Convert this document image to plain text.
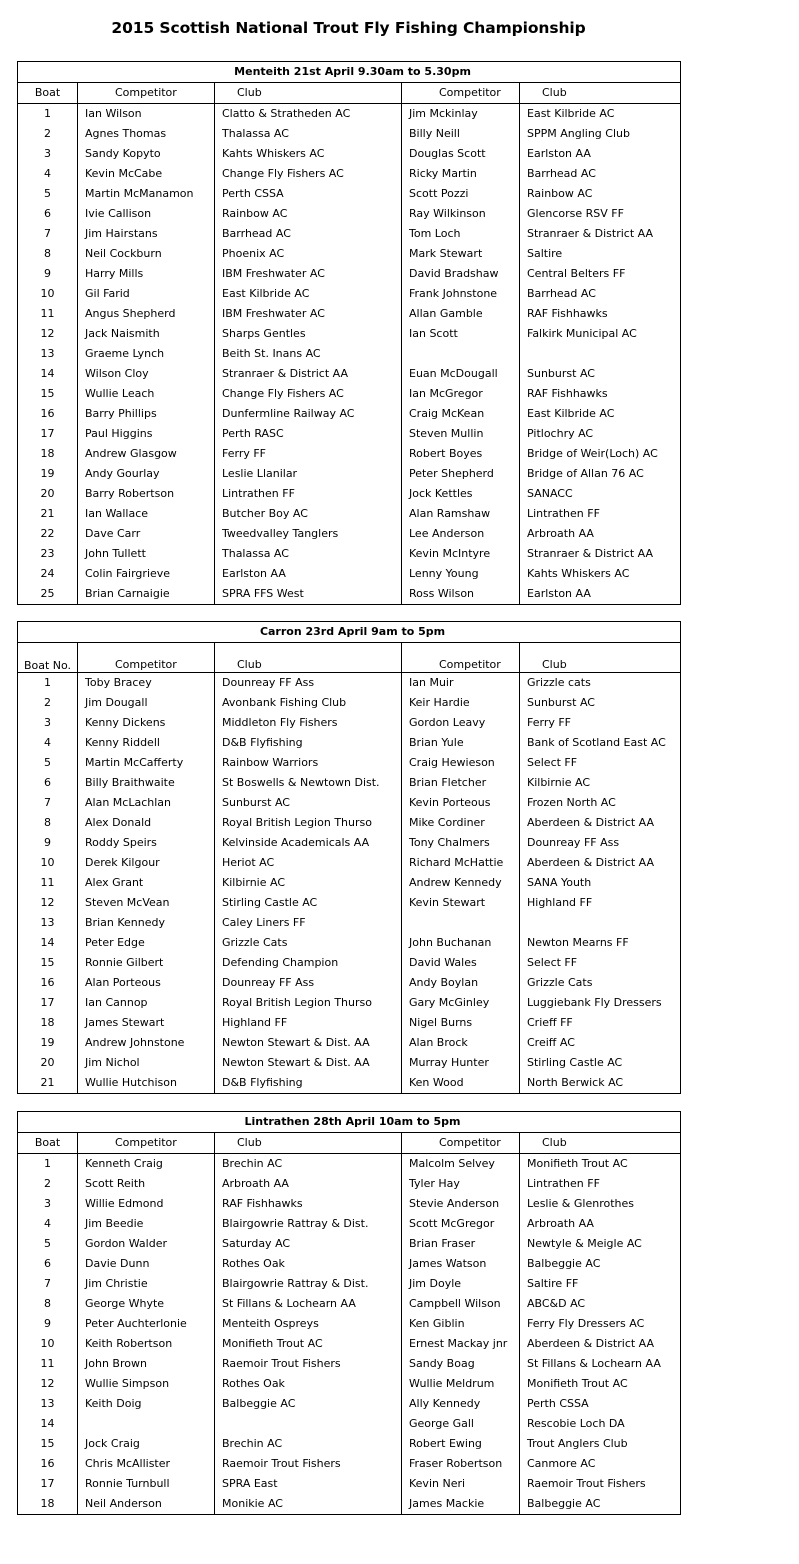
2015 Scottish National Trout Fly Fishing Championship
Menteith 21st April 9.30am to 5.30pm				
Boat	Competitor	Club	Competitor	Club
1	Ian Wilson	Clatto & Stratheden AC	Jim Mckinlay	East Kilbride AC
2	Agnes Thomas	Thalassa AC	Billy Neill	SPPM Angling Club
3	Sandy Kopyto	Kahts Whiskers AC	Douglas Scott	Earlston AA
4	Kevin McCabe	Change Fly Fishers AC	Ricky Martin	Barrhead AC
5	Martin McManamon	Perth CSSA	Scott Pozzi	Rainbow AC
6	Ivie Callison	Rainbow AC	Ray Wilkinson	Glencorse RSV FF
7	Jim Hairstans	Barrhead AC	Tom Loch	Stranraer & District AA
8	Neil Cockburn	Phoenix AC	Mark Stewart	Saltire
9	Harry Mills	IBM Freshwater AC	David Bradshaw	Central Belters FF
10	Gil Farid	East Kilbride AC	Frank Johnstone	Barrhead AC
11	Angus Shepherd	IBM Freshwater AC	Allan Gamble	RAF Fishhawks
12	Jack Naismith	Sharps Gentles	Ian Scott	Falkirk Municipal AC
13	Graeme Lynch	Beith St. Inans AC		
14	Wilson Cloy	Stranraer & District AA	Euan McDougall	Sunburst AC
15	Wullie Leach	Change Fly Fishers AC	Ian McGregor	RAF Fishhawks
16	Barry Phillips	Dunfermline Railway AC	Craig McKean	East Kilbride AC
17	Paul Higgins	Perth RASC	Steven Mullin	Pitlochry AC
18	Andrew Glasgow	Ferry FF	Robert Boyes	Bridge of Weir(Loch) AC
19	Andy Gourlay	Leslie Llanilar	Peter Shepherd	Bridge of Allan 76 AC
20	Barry Robertson	Lintrathen FF	Jock Kettles	SANACC
21	Ian Wallace	Butcher Boy AC	Alan Ramshaw	Lintrathen FF
22	Dave Carr	Tweedvalley Tanglers	Lee Anderson	Arbroath AA
23	John Tullett	Thalassa AC	Kevin McIntyre	Stranraer & District AA
24	Colin Fairgrieve	Earlston AA	Lenny Young	Kahts Whiskers AC
25	Brian Carnaigie	SPRA FFS West	Ross Wilson	Earlston AA
Carron 23rd April 9am to 5pm				
Boat No.	Competitor	Club	Competitor	Club
1	Toby Bracey	Dounreay FF Ass	Ian Muir	Grizzle cats
2	Jim Dougall	Avonbank Fishing Club	Keir Hardie	Sunburst AC
3	Kenny Dickens	Middleton Fly Fishers	Gordon Leavy	Ferry FF
4	Kenny Riddell	D&B Flyfishing	Brian Yule	Bank of Scotland East AC
5	Martin McCafferty	Rainbow Warriors	Craig Hewieson	Select FF
6	Billy Braithwaite	St Boswells & Newtown Dist.	Brian Fletcher	Kilbirnie AC
7	Alan McLachlan	Sunburst AC	Kevin Porteous	Frozen North AC
8	Alex Donald	Royal British Legion Thurso	Mike Cordiner	Aberdeen & District AA
9	Roddy Speirs	Kelvinside Academicals AA	Tony Chalmers	Dounreay FF Ass
10	Derek Kilgour	Heriot AC	Richard McHattie	Aberdeen & District AA
11	Alex Grant	Kilbirnie AC	Andrew Kennedy	SANA Youth
12	Steven McVean	Stirling Castle AC	Kevin Stewart	Highland FF
13	Brian Kennedy	Caley Liners FF		
14	Peter Edge	Grizzle Cats	John Buchanan	Newton Mearns FF
15	Ronnie Gilbert	Defending Champion	David Wales	Select FF
16	Alan Porteous	Dounreay FF Ass	Andy Boylan	Grizzle Cats
17	Ian Cannop	Royal British Legion Thurso	Gary McGinley	Luggiebank Fly Dressers
18	James Stewart	Highland FF	Nigel Burns	Crieff FF
19	Andrew Johnstone	Newton Stewart & Dist. AA	Alan Brock	Creiff AC
20	Jim Nichol	Newton Stewart & Dist. AA	Murray Hunter	Stirling Castle AC
21	Wullie Hutchison	D&B Flyfishing	Ken Wood	North Berwick AC
Lintrathen 28th April 10am to 5pm				
Boat	Competitor	Club	Competitor	Club
1	Kenneth Craig	Brechin AC	Malcolm Selvey	Monifieth Trout AC
2	Scott Reith	Arbroath AA	Tyler Hay	Lintrathen FF
3	Willie Edmond	RAF Fishhawks	Stevie Anderson	Leslie & Glenrothes
4	Jim Beedie	Blairgowrie Rattray & Dist.	Scott McGregor	Arbroath AA
5	Gordon Walder	Saturday AC	Brian Fraser	Newtyle & Meigle AC
6	Davie Dunn	Rothes Oak	James Watson	Balbeggie AC
7	Jim Christie	Blairgowrie Rattray & Dist.	Jim Doyle	Saltire FF
8	George Whyte	St Fillans & Lochearn AA	Campbell Wilson	ABC&D AC
9	Peter Auchterlonie	Menteith Ospreys	Ken Giblin	Ferry Fly Dressers AC
10	Keith Robertson	Monifieth Trout AC	Ernest Mackay jnr	Aberdeen & District AA
11	John Brown	Raemoir Trout Fishers	Sandy Boag	St Fillans & Lochearn AA
12	Wullie Simpson	Rothes Oak	Wullie Meldrum	Monifieth Trout AC
13	Keith Doig	Balbeggie AC	Ally Kennedy	Perth CSSA
14			George Gall	Rescobie Loch DA
15	Jock Craig	Brechin AC	Robert Ewing	Trout Anglers Club
16	Chris McAllister	Raemoir Trout Fishers	Fraser Robertson	Canmore AC
17	Ronnie Turnbull	SPRA East	Kevin Neri	Raemoir Trout Fishers
18	Neil Anderson	Monikie AC	James Mackie	Balbeggie AC
